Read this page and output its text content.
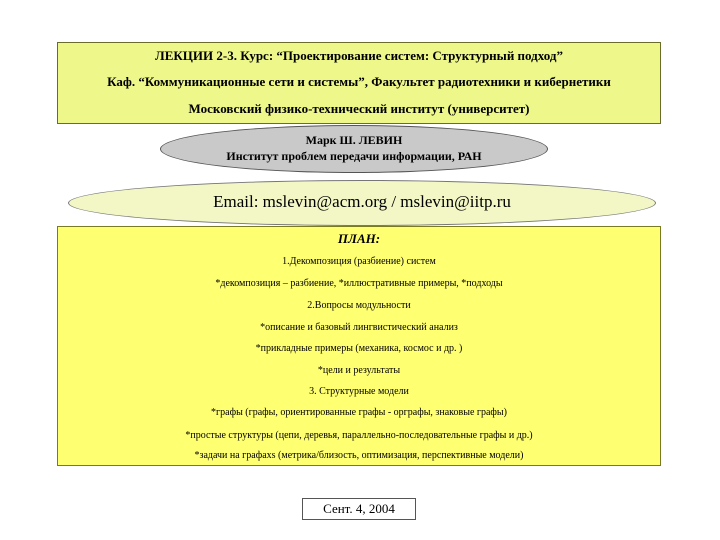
ЛЕКЦИИ 2-3. Курс: “Проектирование систем: Структурный подход”
Каф. “Коммуникационные сети и системы”, Факультет радиотехники и кибернетики
Московский физико-технический институт (университет)
Марк Ш. ЛЕВИН
Институт проблем передачи информации, РАН
Email: mslevin@acm.org / mslevin@iitp.ru
ПЛАН:
1.Декомпозиция (разбиение) систем
*декомпозиция – разбиение, *иллюстративные примеры, *подходы
2.Вопросы модульности
*описание и базовый лингвистический анализ
*прикладные примеры (механика, космос и др. )
*цели и результаты
3. Структурные модели
*графы (графы, ориентированные графы - орграфы, знаковые графы)
*простые структуры (цепи, деревья, параллельно-последовательные графы и др.)
*задачи на графахs (метрика/близость, оптимизация, перспективные модели)
Сент. 4, 2004
